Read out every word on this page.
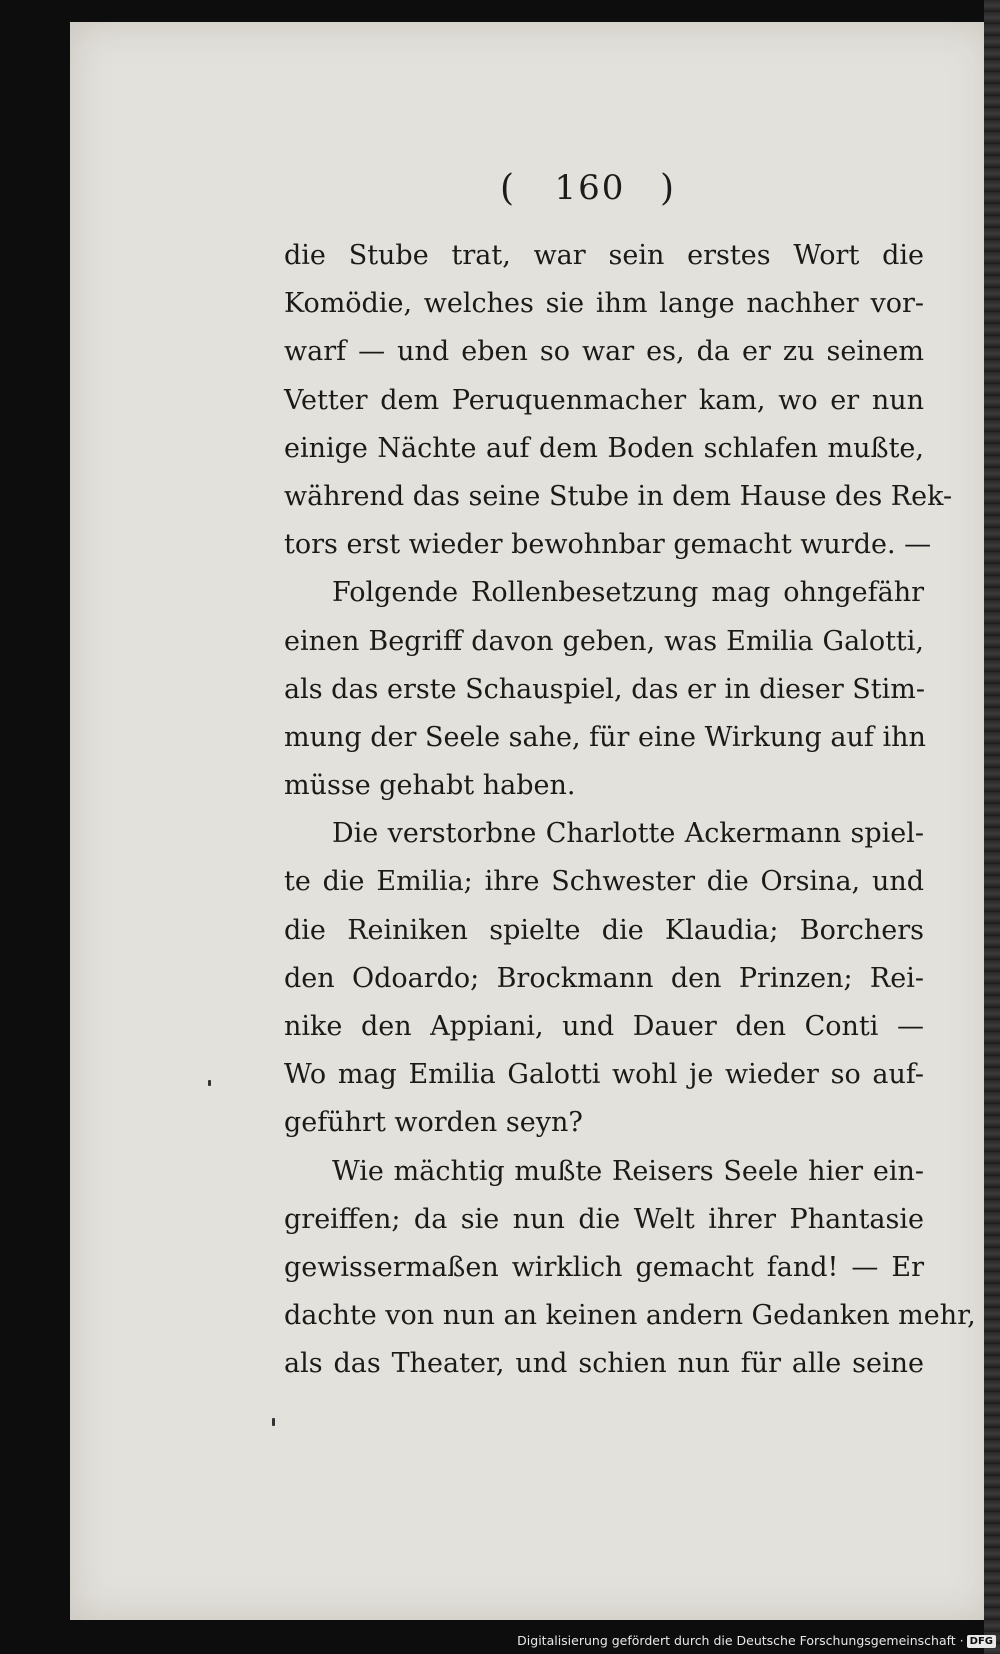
(	160 )
die Stube trat, war sein erstes Wort die
Komödie, welches sie ihm lange nachher vor-
warf — und eben so war es, da er zu seinem
Vetter dem Peruquenmacher kam, wo er nun
einige Nächte auf dem Boden schlafen mußte,
während das seine Stube in dem Hause des Rek-
tors erst wieder bewohnbar gemacht wurde. —
Folgende Rollenbesetzung mag ohngefähr
einen Begriff davon geben, was Emilia Galotti,
als das erste Schauspiel, das er in dieser Stim-
mung der Seele sahe, für eine Wirkung auf ihn
müsse gehabt haben.
Die verstorbne Charlotte Ackermann spiel-
te die Emilia; ihre Schwester die Orsina, und
die Reiniken spielte die Klaudia; Borchers
den Odoardo; Brockmann den Prinzen; Rei-
nike den Appiani, und Dauer den Conti —
Wo mag Emilia Galotti wohl je wieder so auf-
geführt worden seyn?
Wie mächtig mußte Reisers Seele hier ein-
greiffen; da sie nun die Welt ihrer Phantasie
gewissermaßen wirklich gemacht fand! — Er
dachte von nun an keinen andern Gedanken mehr,
als das Theater, und schien nun für alle seine
Digitalisierung gefördert durch die Deutsche Forschungsgemeinschaft · DFG
